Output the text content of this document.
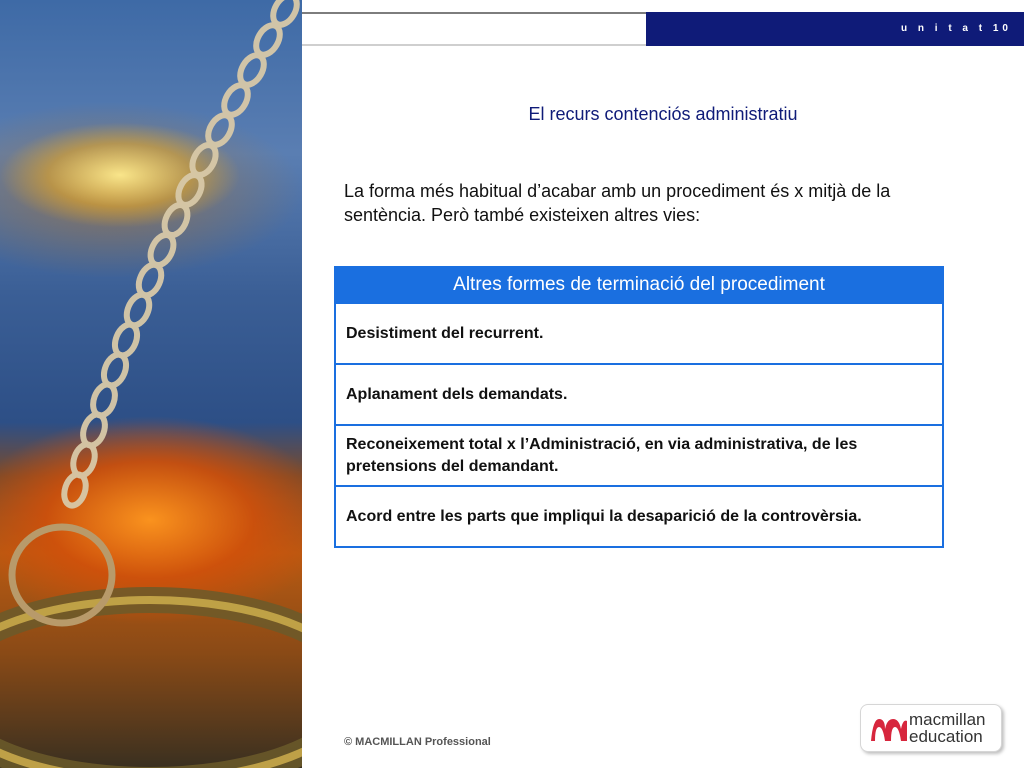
u n i t a t 10
El recurs contenciós administratiu
La forma més habitual d’acabar amb un procediment és x mitjà de la sentència. Però també existeixen altres vies:
Altres formes de terminació del procediment
Desistiment del recurrent.
Aplanament dels demandats.
Reconeixement total x l’Administració, en via administrativa, de les pretensions del demandant.
Acord entre les parts que impliqui la desaparició de la controvèrsia.
© MACMILLAN Professional
macmillan
education
